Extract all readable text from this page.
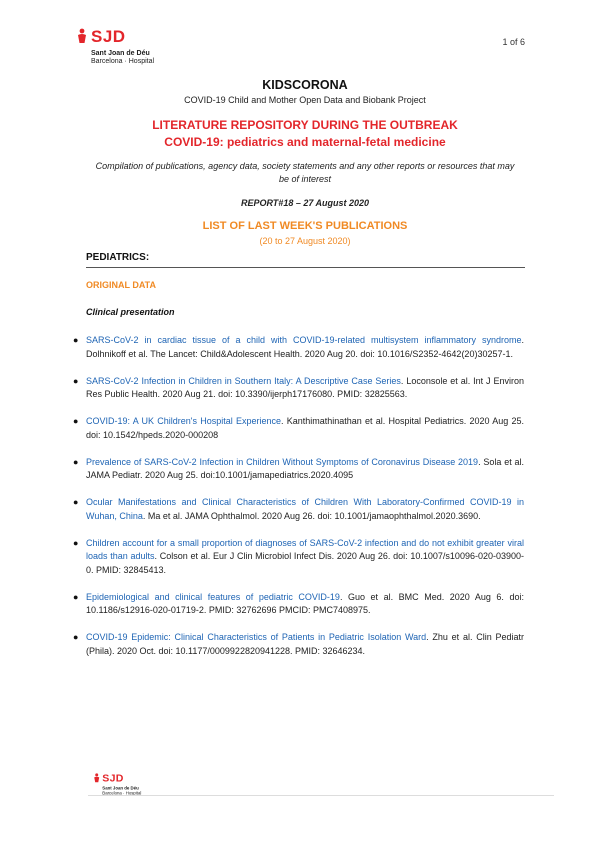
SJD
Sant Joan de Déu
Barcelona · Hospital
1 of 6
KIDSCORONA
COVID-19 Child and Mother Open Data and Biobank Project
LITERATURE REPOSITORY DURING THE OUTBREAK
COVID-19: pediatrics and maternal-fetal medicine
Compilation of publications, agency data, society statements and any other reports or resources that may be of interest
REPORT#18 – 27 August 2020
LIST OF LAST WEEK'S PUBLICATIONS
(20 to 27 August 2020)
PEDIATRICS:
ORIGINAL DATA
Clinical presentation
● SARS-CoV-2 in cardiac tissue of a child with COVID-19-related multisystem inflammatory syndrome. Dolhnikoff et al. The Lancet: Child&Adolescent Health. 2020 Aug 20. doi: 10.1016/S2352-4642(20)30257-1.
● SARS-CoV-2 Infection in Children in Southern Italy: A Descriptive Case Series. Loconsole et al. Int J Environ Res Public Health. 2020 Aug 21. doi: 10.3390/ijerph17176080. PMID: 32825563.
● COVID-19: A UK Children's Hospital Experience. Kanthimathinathan et al. Hospital Pediatrics. 2020 Aug 25. doi: 10.1542/hpeds.2020-000208
● Prevalence of SARS-CoV-2 Infection in Children Without Symptoms of Coronavirus Disease 2019. Sola et al. JAMA Pediatr. 2020 Aug 25. doi:10.1001/jamapediatrics.2020.4095
● Ocular Manifestations and Clinical Characteristics of Children With Laboratory-Confirmed COVID-19 in Wuhan, China. Ma et al. JAMA Ophthalmol. 2020 Aug 26. doi: 10.1001/jamaophthalmol.2020.3690.
● Children account for a small proportion of diagnoses of SARS-CoV-2 infection and do not exhibit greater viral loads than adults. Colson et al. Eur J Clin Microbiol Infect Dis. 2020 Aug 26. doi: 10.1007/s10096-020-03900-0. PMID: 32845413.
● Epidemiological and clinical features of pediatric COVID-19. Guo et al. BMC Med. 2020 Aug 6. doi: 10.1186/s12916-020-01719-2. PMID: 32762696 PMCID: PMC7408975.
● COVID-19 Epidemic: Clinical Characteristics of Patients in Pediatric Isolation Ward. Zhu et al. Clin Pediatr (Phila). 2020 Oct. doi: 10.1177/0009922820941228. PMID: 32646234.
SJD
Sant Joan de Déu
Barcelona · Hospital
